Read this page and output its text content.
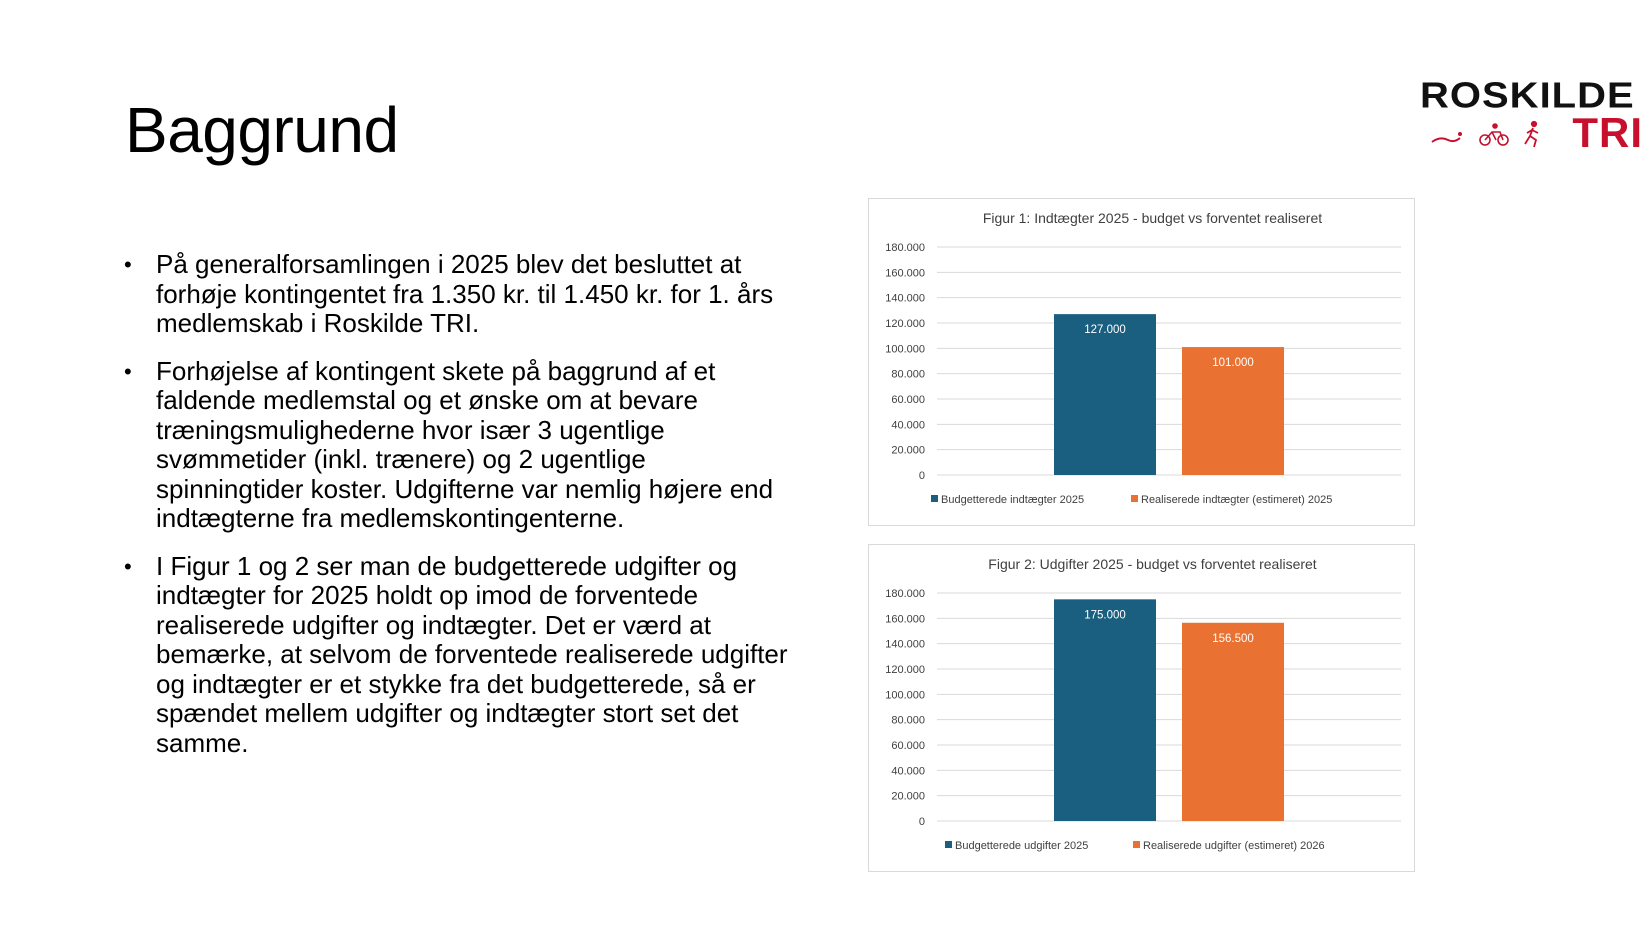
Baggrund	ROSKILDE
TRI
• På generalforsamlingen i 2025 blev det besluttet at forhøje kontingentet fra 1.350 kr. til 1.450 kr. for 1. års medlemskab i Roskilde TRI.
• Forhøjelse af kontingent skete på baggrund af et faldende medlemstal og et ønske om at bevare træningsmulighederne hvor især 3 ugentlige svømmetider (inkl. trænere) og 2 ugentlige spinningtider koster. Udgifterne var nemlig højere end indtægterne fra medlemskontingenterne.
• I Figur 1 og 2 ser man de budgetterede udgifter og indtægter for 2025 holdt op imod de forventede realiserede udgifter og indtægter. Det er værd at bemærke, at selvom de forventede realiserede udgifter og indtægter er et stykke fra det budgetterede, så er spændet mellem udgifter og indtægter stort set det samme.
Figur 1: Indtægter 2025 - budget vs forventet realiseret
0
20.000
40.000
60.000
80.000
100.000
120.000
140.000
160.000
180.000
127.000
101.000
Budgetterede indtægter 2025	Realiserede indtægter (estimeret) 2025
Figur 2: Udgifter 2025 - budget vs forventet realiseret
0
20.000
40.000
60.000
80.000
100.000
120.000
140.000
160.000
180.000
175.000
156.500
Budgetterede udgifter 2025	Realiserede udgifter (estimeret) 2026
